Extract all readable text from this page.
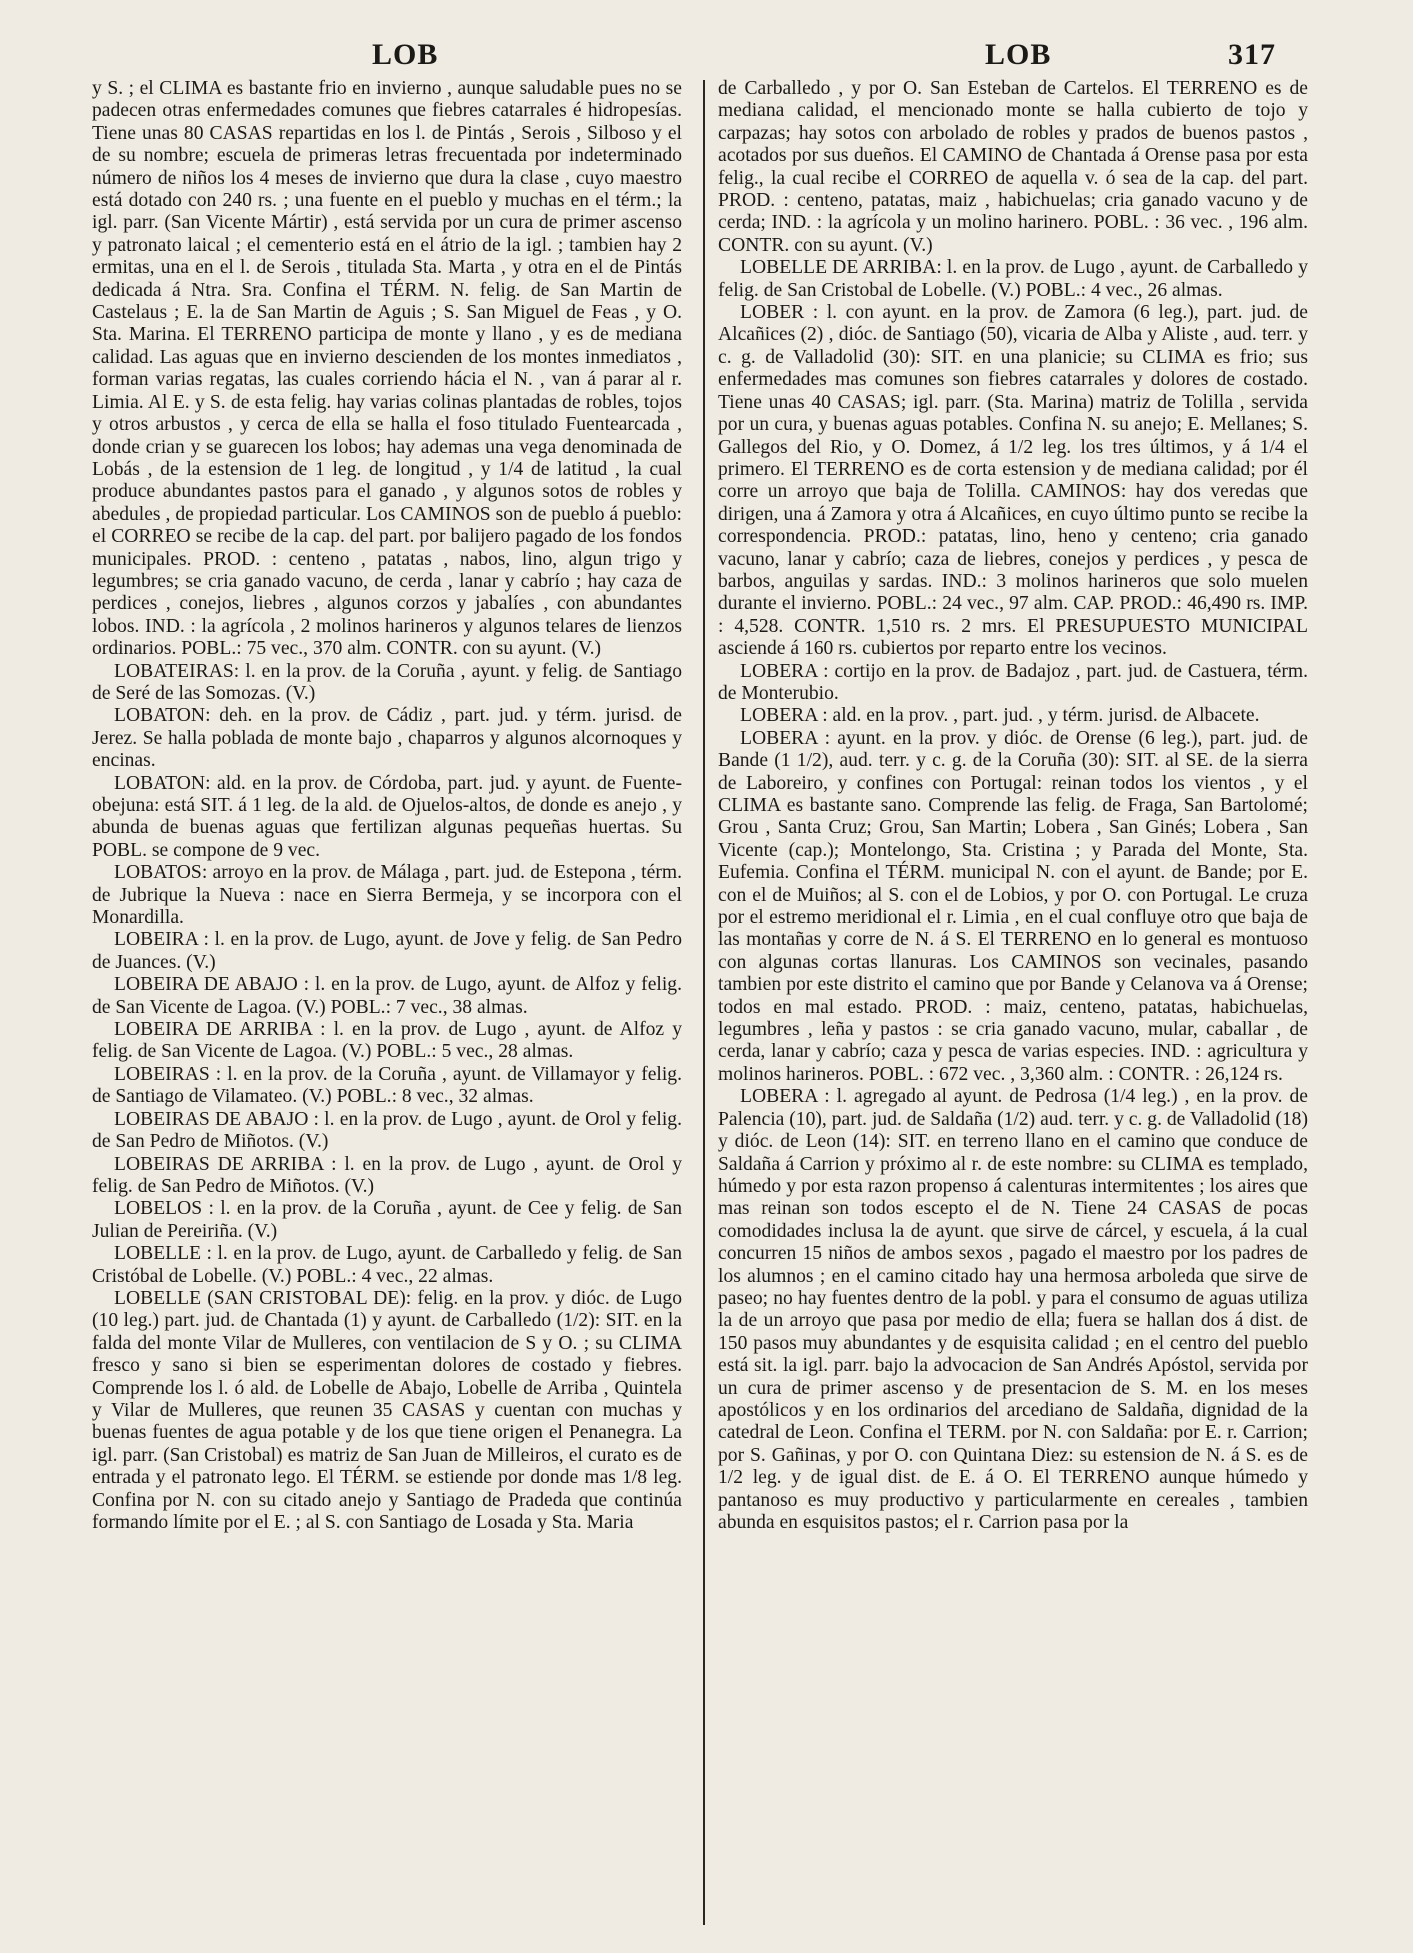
LOB	LOB	317

y S. ; el CLIMA es bastante frio en invierno , aunque saludable pues no se padecen otras enfermedades comunes que fiebres catarrales é hidropesías. Tiene unas 80 CASAS repartidas en los l. de Pintás , Serois , Silboso y el de su nombre; escuela de primeras letras frecuentada por indeterminado número de niños los 4 meses de invierno que dura la clase , cuyo maestro está dotado con 240 rs. ; una fuente en el pueblo y muchas en el térm.; la igl. parr. (San Vicente Mártir) , está servida por un cura de primer ascenso y patronato laical ; el cementerio está en el átrio de la igl. ; tambien hay 2 ermitas, una en el l. de Serois , titulada Sta. Marta , y otra en el de Pintás dedicada á Ntra. Sra. Confina el TÉRM. N. felig. de San Martin de Castelaus ; E. la de San Martin de Aguis ; S. San Miguel de Feas , y O. Sta. Marina. El TERRENO participa de monte y llano , y es de mediana calidad. Las aguas que en invierno descienden de los montes inmediatos , forman varias regatas, las cuales corriendo hácia el N. , van á parar al r. Limia. Al E. y S. de esta felig. hay varias colinas plantadas de robles, tojos y otros arbustos , y cerca de ella se halla el foso titulado Fuentearcada , donde crian y se guarecen los lobos; hay ademas una vega denominada de Lobás , de la estension de 1 leg. de longitud , y 1/4 de latitud , la cual produce abundantes pastos para el ganado , y algunos sotos de robles y abedules , de propiedad particular. Los CAMINOS son de pueblo á pueblo: el CORREO se recibe de la cap. del part. por balijero pagado de los fondos municipales. PROD. : centeno , patatas , nabos, lino, algun trigo y legumbres; se cria ganado vacuno, de cerda , lanar y cabrío ; hay caza de perdices , conejos, liebres , algunos corzos y jabalíes , con abundantes lobos. IND. : la agrícola , 2 molinos harineros y algunos telares de lienzos ordinarios. POBL.: 75 vec., 370 alm. CONTR. con su ayunt. (V.)

LOBATEIRAS: l. en la prov. de la Coruña , ayunt. y felig. de Santiago de Seré de las Somozas. (V.)

LOBATON: deh. en la prov. de Cádiz , part. jud. y térm. jurisd. de Jerez. Se halla poblada de monte bajo , chaparros y algunos alcornoques y encinas.

LOBATON: ald. en la prov. de Córdoba, part. jud. y ayunt. de Fuente-obejuna: está SIT. á 1 leg. de la ald. de Ojuelos-altos, de donde es anejo , y abunda de buenas aguas que fertilizan algunas pequeñas huertas. Su POBL. se compone de 9 vec.

LOBATOS: arroyo en la prov. de Málaga , part. jud. de Estepona , térm. de Jubrique la Nueva : nace en Sierra Bermeja, y se incorpora con el Monardilla.

LOBEIRA : l. en la prov. de Lugo, ayunt. de Jove y felig. de San Pedro de Juances. (V.)

LOBEIRA DE ABAJO : l. en la prov. de Lugo, ayunt. de Alfoz y felig. de San Vicente de Lagoa. (V.) POBL.: 7 vec., 38 almas.

LOBEIRA DE ARRIBA : l. en la prov. de Lugo , ayunt. de Alfoz y felig. de San Vicente de Lagoa. (V.) POBL.: 5 vec., 28 almas.

LOBEIRAS : l. en la prov. de la Coruña , ayunt. de Villamayor y felig. de Santiago de Vilamateo. (V.) POBL.: 8 vec., 32 almas.

LOBEIRAS DE ABAJO : l. en la prov. de Lugo , ayunt. de Orol y felig. de San Pedro de Miñotos. (V.)

LOBEIRAS DE ARRIBA : l. en la prov. de Lugo , ayunt. de Orol y felig. de San Pedro de Miñotos. (V.)

LOBELOS : l. en la prov. de la Coruña , ayunt. de Cee y felig. de San Julian de Pereiriña. (V.)

LOBELLE : l. en la prov. de Lugo, ayunt. de Carballedo y felig. de San Cristóbal de Lobelle. (V.) POBL.: 4 vec., 22 almas.

LOBELLE (SAN CRISTOBAL DE): felig. en la prov. y dióc. de Lugo (10 leg.) part. jud. de Chantada (1) y ayunt. de Carballedo (1/2): SIT. en la falda del monte Vilar de Mulleres, con ventilacion de S y O. ; su CLIMA fresco y sano si bien se esperimentan dolores de costado y fiebres. Comprende los l. ó ald. de Lobelle de Abajo, Lobelle de Arriba , Quintela y Vilar de Mulleres, que reunen 35 CASAS y cuentan con muchas y buenas fuentes de agua potable y de los que tiene origen el Penanegra. La igl. parr. (San Cristobal) es matriz de San Juan de Milleiros, el curato es de entrada y el patronato lego. El TÉRM. se estiende por donde mas 1/8 leg. Confina por N. con su citado anejo y Santiago de Pradeda que continúa formando límite por el E. ; al S. con Santiago de Losada y Sta. Maria

de Carballedo , y por O. San Esteban de Cartelos. El TERRENO es de mediana calidad, el mencionado monte se halla cubierto de tojo y carpazas; hay sotos con arbolado de robles y prados de buenos pastos , acotados por sus dueños. El CAMINO de Chantada á Orense pasa por esta felig., la cual recibe el CORREO de aquella v. ó sea de la cap. del part. PROD. : centeno, patatas, maiz , habichuelas; cria ganado vacuno y de cerda; IND. : la agrícola y un molino harinero. POBL. : 36 vec. , 196 alm. CONTR. con su ayunt. (V.)

LOBELLE DE ARRIBA: l. en la prov. de Lugo , ayunt. de Carballedo y felig. de San Cristobal de Lobelle. (V.) POBL.: 4 vec., 26 almas.

LOBER : l. con ayunt. en la prov. de Zamora (6 leg.), part. jud. de Alcañices (2) , dióc. de Santiago (50), vicaria de Alba y Aliste , aud. terr. y c. g. de Valladolid (30): SIT. en una planicie; su CLIMA es frio; sus enfermedades mas comunes son fiebres catarrales y dolores de costado. Tiene unas 40 CASAS; igl. parr. (Sta. Marina) matriz de Tolilla , servida por un cura, y buenas aguas potables. Confina N. su anejo; E. Mellanes; S. Gallegos del Rio, y O. Domez, á 1/2 leg. los tres últimos, y á 1/4 el primero. El TERRENO es de corta estension y de mediana calidad; por él corre un arroyo que baja de Tolilla. CAMINOS: hay dos veredas que dirigen, una á Zamora y otra á Alcañices, en cuyo último punto se recibe la correspondencia. PROD.: patatas, lino, heno y centeno; cria ganado vacuno, lanar y cabrío; caza de liebres, conejos y perdices , y pesca de barbos, anguilas y sardas. IND.: 3 molinos harineros que solo muelen durante el invierno. POBL.: 24 vec., 97 alm. CAP. PROD.: 46,490 rs. IMP. : 4,528. CONTR. 1,510 rs. 2 mrs. El PRESUPUESTO MUNICIPAL asciende á 160 rs. cubiertos por reparto entre los vecinos.

LOBERA : cortijo en la prov. de Badajoz , part. jud. de Castuera, térm. de Monterubio.

LOBERA : ald. en la prov. , part. jud. , y térm. jurisd. de Albacete.

LOBERA : ayunt. en la prov. y dióc. de Orense (6 leg.), part. jud. de Bande (1 1/2), aud. terr. y c. g. de la Coruña (30): SIT. al SE. de la sierra de Laboreiro, y confines con Portugal: reinan todos los vientos , y el CLIMA es bastante sano. Comprende las felig. de Fraga, San Bartolomé; Grou , Santa Cruz; Grou, San Martin; Lobera , San Ginés; Lobera , San Vicente (cap.); Montelongo, Sta. Cristina ; y Parada del Monte, Sta. Eufemia. Confina el TÉRM. municipal N. con el ayunt. de Bande; por E. con el de Muiños; al S. con el de Lobios, y por O. con Portugal. Le cruza por el estremo meridional el r. Limia , en el cual confluye otro que baja de las montañas y corre de N. á S. El TERRENO en lo general es montuoso con algunas cortas llanuras. Los CAMINOS son vecinales, pasando tambien por este distrito el camino que por Bande y Celanova va á Orense; todos en mal estado. PROD. : maiz, centeno, patatas, habichuelas, legumbres , leña y pastos : se cria ganado vacuno, mular, caballar , de cerda, lanar y cabrío; caza y pesca de varias especies. IND. : agricultura y molinos harineros. POBL. : 672 vec. , 3,360 alm. : CONTR. : 26,124 rs.

LOBERA : l. agregado al ayunt. de Pedrosa (1/4 leg.) , en la prov. de Palencia (10), part. jud. de Saldaña (1/2) aud. terr. y c. g. de Valladolid (18) y dióc. de Leon (14): SIT. en terreno llano en el camino que conduce de Saldaña á Carrion y próximo al r. de este nombre: su CLIMA es templado, húmedo y por esta razon propenso á calenturas intermitentes ; los aires que mas reinan son todos escepto el de N. Tiene 24 CASAS de pocas comodidades inclusa la de ayunt. que sirve de cárcel, y escuela, á la cual concurren 15 niños de ambos sexos , pagado el maestro por los padres de los alumnos ; en el camino citado hay una hermosa arboleda que sirve de paseo; no hay fuentes dentro de la pobl. y para el consumo de aguas utiliza la de un arroyo que pasa por medio de ella; fuera se hallan dos á dist. de 150 pasos muy abundantes y de esquisita calidad ; en el centro del pueblo está sit. la igl. parr. bajo la advocacion de San Andrés Apóstol, servida por un cura de primer ascenso y de presentacion de S. M. en los meses apostólicos y en los ordinarios del arcediano de Saldaña, dignidad de la catedral de Leon. Confina el TERM. por N. con Saldaña: por E. r. Carrion; por S. Gañinas, y por O. con Quintana Diez: su estension de N. á S. es de 1/2 leg. y de igual dist. de E. á O. El TERRENO aunque húmedo y pantanoso es muy productivo y particularmente en cereales , tambien abunda en esquisitos pastos; el r. Carrion pasa por la
